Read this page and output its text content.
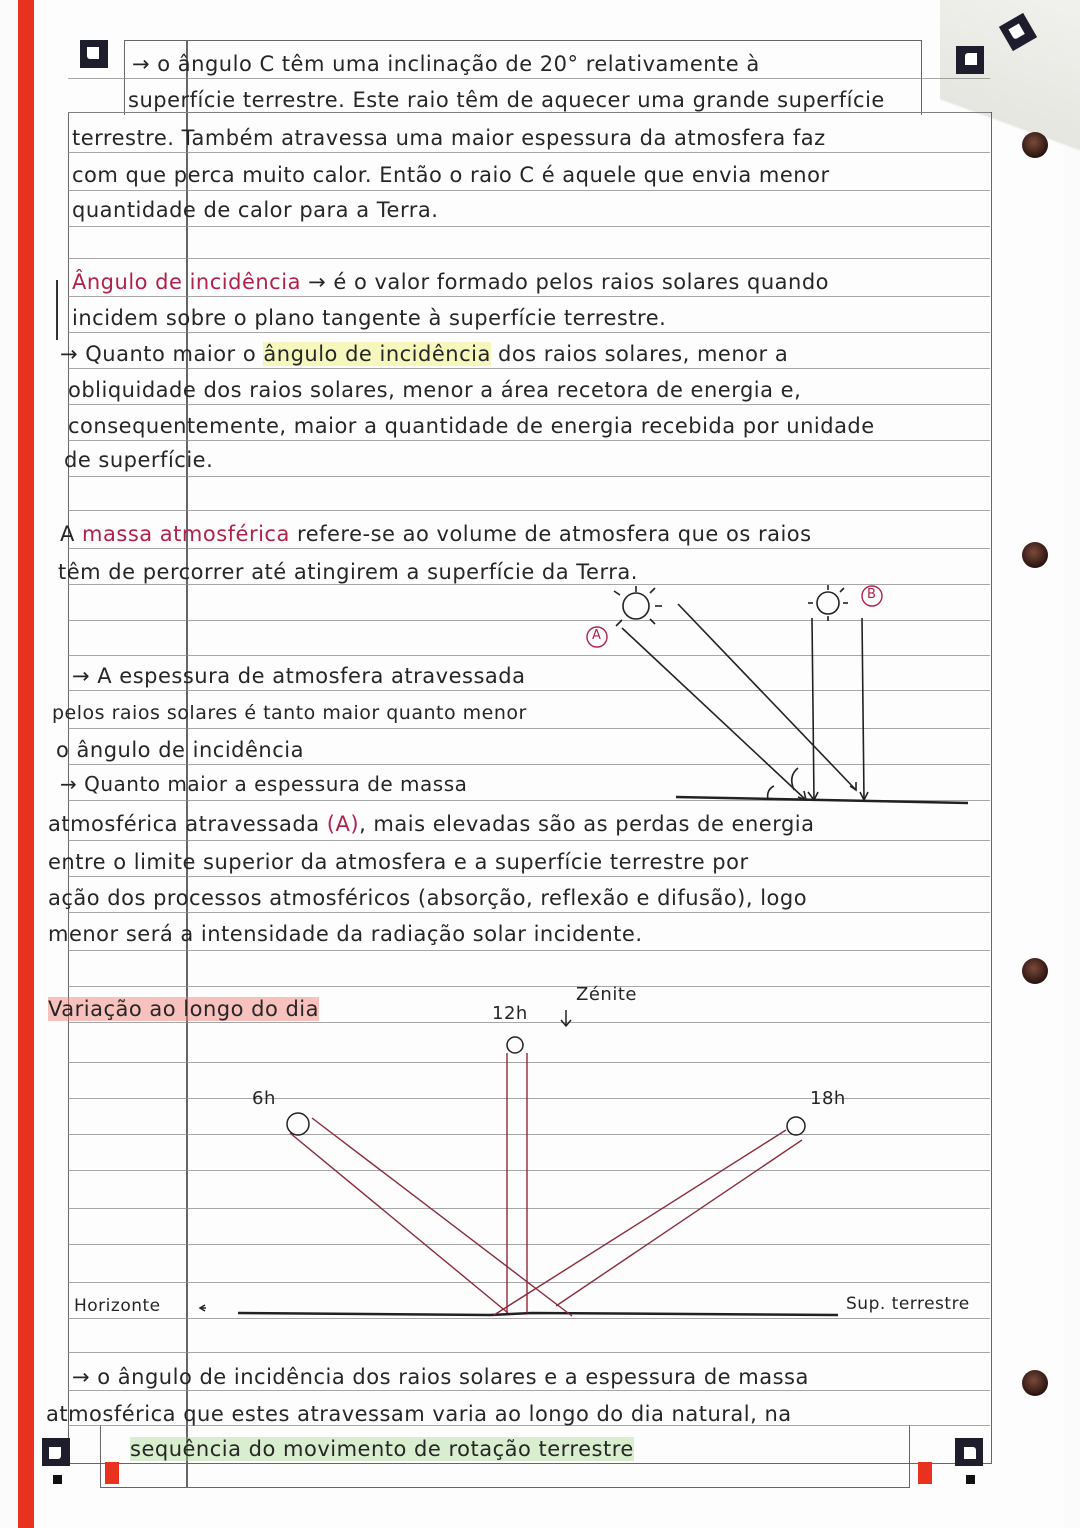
→ o ângulo C têm uma inclinação de 20° relativamente à
superfície terrestre. Este raio têm de aquecer uma grande superfície
terrestre. Também atravessa uma maior espessura da atmosfera faz
com que perca muito calor. Então o raio C é aquele que envia menor
quantidade de calor para a Terra.
Ângulo de incidência → é o valor formado pelos raios solares quando
incidem sobre o plano tangente à superfície terrestre.
→ Quanto maior o ângulo de incidência dos raios solares, menor a
obliquidade dos raios solares, menor a área recetora de energia e,
consequentemente, maior a quantidade de energia recebida por unidade
de superfície.
A massa atmosférica refere-se ao volume de atmosfera que os raios
têm de percorrer até atingirem a superfície da Terra.
→ A espessura de atmosfera atravessada
pelos raios solares é tanto maior quanto menor
o ângulo de incidência
→ Quanto maior a espessura de massa
atmosférica atravessada (A), mais elevadas são as perdas de energia
entre o limite superior da atmosfera e a superfície terrestre por
ação dos processos atmosféricos (absorção, reflexão e difusão), logo
menor será a intensidade da radiação solar incidente.
A
B
Variação ao longo do dia	12h
Zénite
6h	18h
Horizonte	Sup. terrestre
→ o ângulo de incidência dos raios solares e a espessura de massa
atmosférica que estes atravessam varia ao longo do dia natural, na
sequência do movimento de rotação terrestre
